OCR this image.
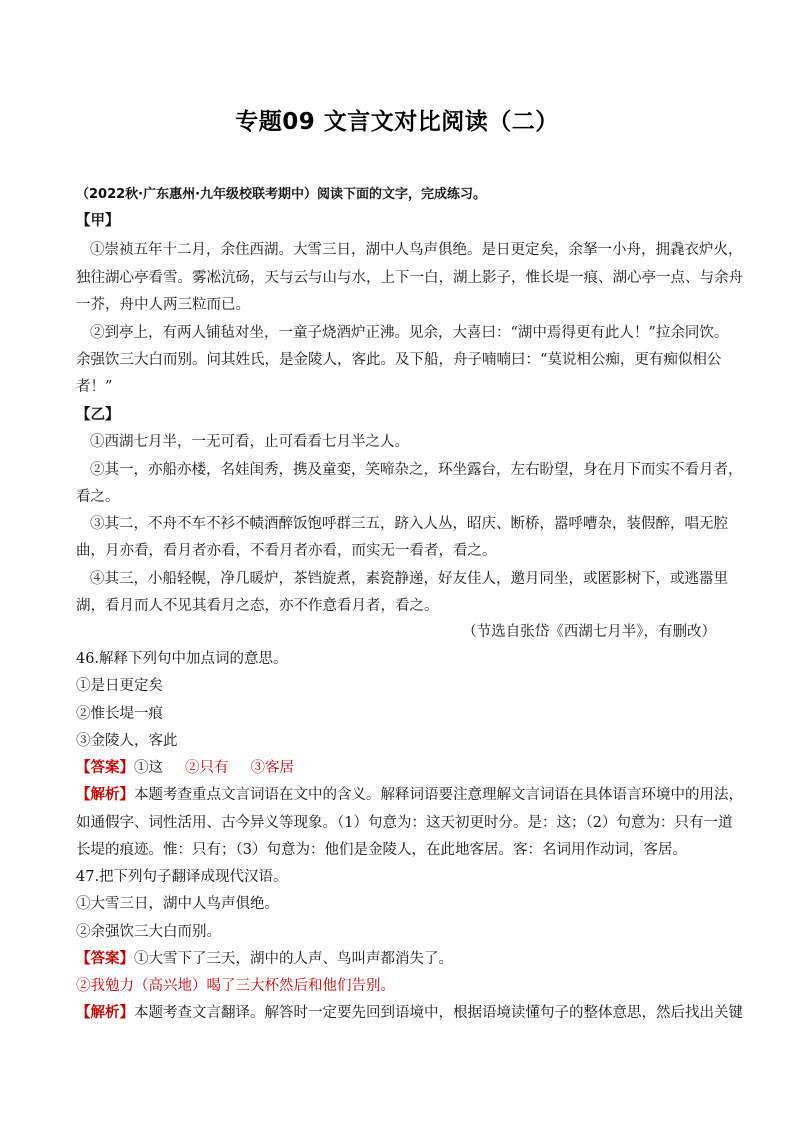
专题09 文言文对比阅读（二）
（2022秋·广东惠州·九年级校联考期中）阅读下面的文字，完成练习。
【甲】
①崇祯五年十二月，余住西湖。大雪三日，湖中人鸟声俱绝。是日更定矣，余拏一小舟，拥毳衣炉火，
独往湖心亭看雪。雾凇沆砀，天与云与山与水，上下一白，湖上影子，惟长堤一痕、湖心亭一点、与余舟
一芥，舟中人两三粒而已。
②到亭上，有两人铺毡对坐，一童子烧酒炉正沸。见余，大喜曰：“湖中焉得更有此人！”拉余同饮。
余强饮三大白而别。问其姓氏，是金陵人，客此。及下船，舟子喃喃曰：“莫说相公痴，更有痴似相公
者！”
【乙】
①西湖七月半，一无可看，止可看看七月半之人。
②其一，亦船亦楼，名娃闺秀，携及童娈，笑啼杂之，环坐露台，左右盼望，身在月下而实不看月者，
看之。
③其二，不舟不车不衫不帻酒醉饭饱呼群三五，跻入人丛，昭庆、断桥，嚣呼嘈杂，装假醉，唱无腔
曲，月亦看，看月者亦看，不看月者亦看，而实无一看者，看之。
④其三，小船轻幌，净几暖炉，茶铛旋煮，素瓷静递，好友佳人，邀月同坐，或匿影树下，或逃嚣里
湖，看月而人不见其看月之态，亦不作意看月者，看之。
（节选自张岱《西湖七月半》，有删改）
46.解释下列句中加点词的意思。
①是日更定矣
②惟长堤一痕
③金陵人，客此
【答案】①这 ②只有 ③客居
【解析】本题考查重点文言词语在文中的含义。解释词语要注意理解文言词语在具体语言环境中的用法，
如通假字、词性活用、古今异义等现象。（1）句意为：这天初更时分。是：这；（2）句意为：只有一道
长堤的痕迹。惟：只有；（3）句意为：他们是金陵人，在此地客居。客：名词用作动词，客居。
47.把下列句子翻译成现代汉语。
①大雪三日，湖中人鸟声俱绝。
②余强饮三大白而别。
【答案】①大雪下了三天，湖中的人声、鸟叫声都消失了。
②我勉力（高兴地）喝了三大杯然后和他们告别。
【解析】本题考查文言翻译。解答时一定要先回到语境中，根据语境读懂句子的整体意思，然后找出关键
